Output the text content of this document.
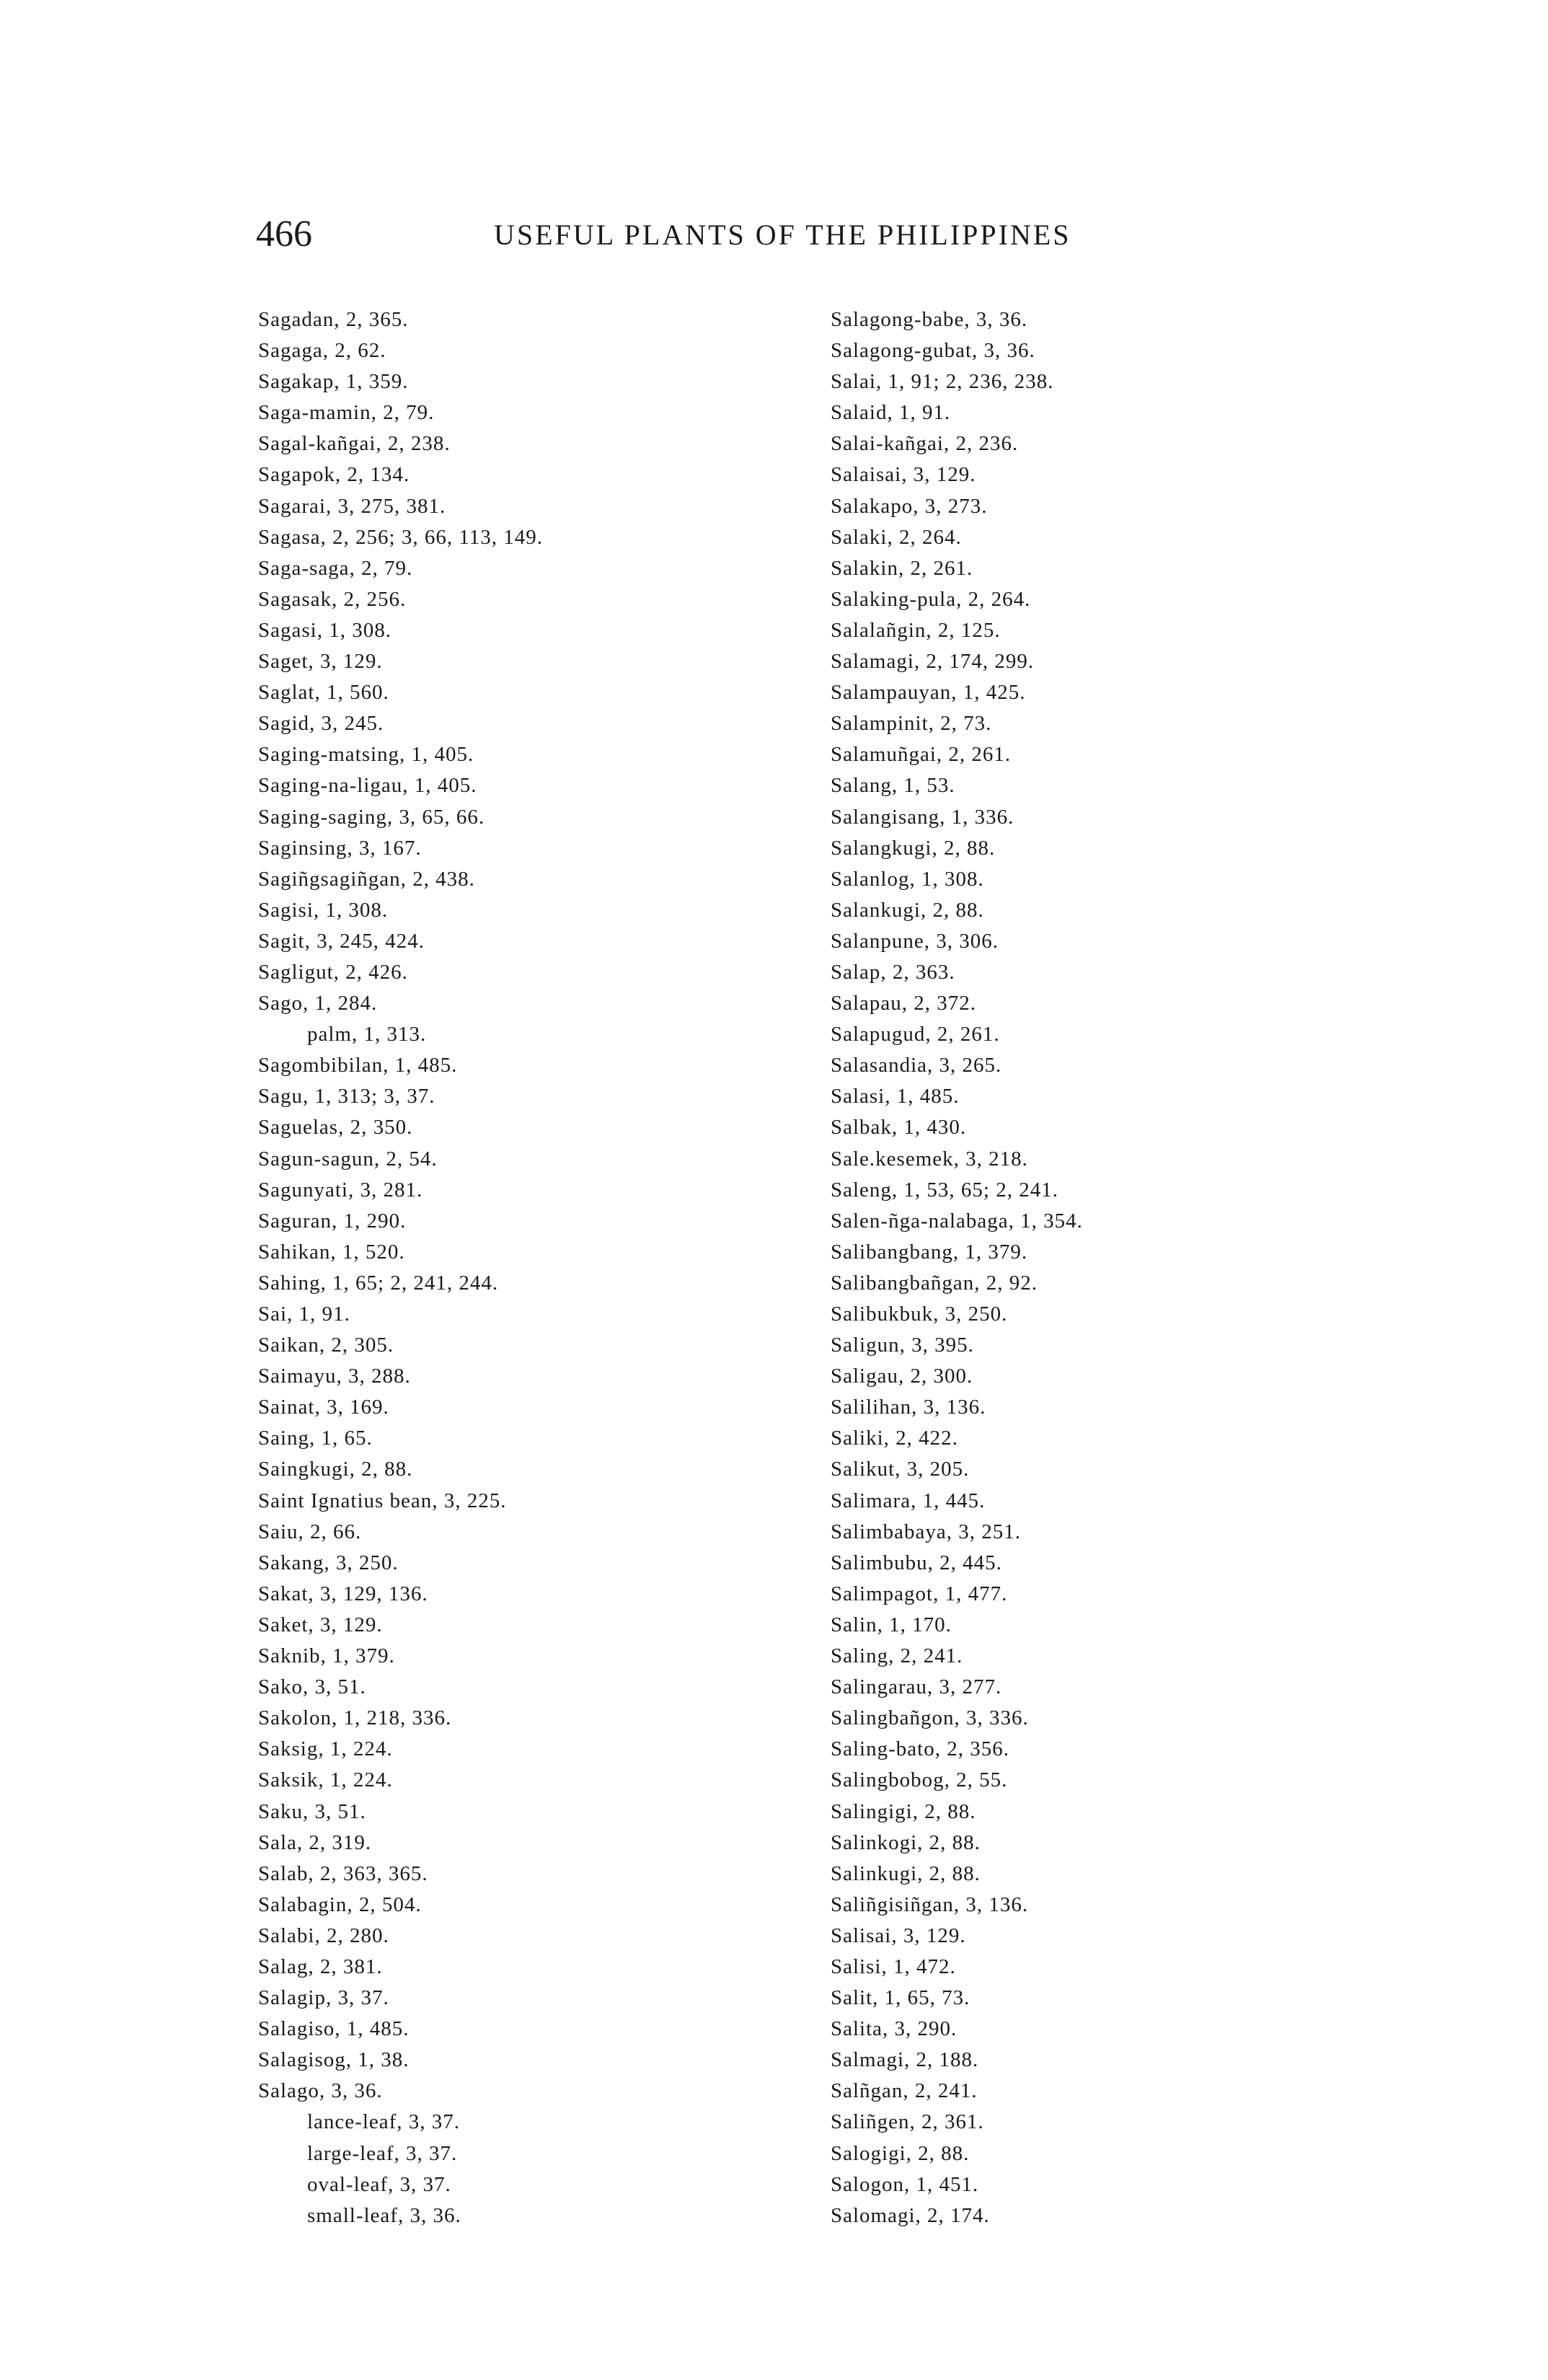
466	USEFUL PLANTS OF THE PHILIPPINES
Sagadan, 2, 365.
Sagaga, 2, 62.
Sagakap, 1, 359.
Saga-mamin, 2, 79.
Sagal-kañgai, 2, 238.
Sagapok, 2, 134.
Sagarai, 3, 275, 381.
Sagasa, 2, 256; 3, 66, 113, 149.
Saga-saga, 2, 79.
Sagasak, 2, 256.
Sagasi, 1, 308.
Saget, 3, 129.
Saglat, 1, 560.
Sagid, 3, 245.
Saging-matsing, 1, 405.
Saging-na-ligau, 1, 405.
Saging-saging, 3, 65, 66.
Saginsing, 3, 167.
Sagiñgsagiñgan, 2, 438.
Sagisi, 1, 308.
Sagit, 3, 245, 424.
Sagligut, 2, 426.
Sago, 1, 284.
palm, 1, 313.
Sagombibilan, 1, 485.
Sagu, 1, 313; 3, 37.
Saguelas, 2, 350.
Sagun-sagun, 2, 54.
Sagunyati, 3, 281.
Saguran, 1, 290.
Sahikan, 1, 520.
Sahing, 1, 65; 2, 241, 244.
Sai, 1, 91.
Saikan, 2, 305.
Saimayu, 3, 288.
Sainat, 3, 169.
Saing, 1, 65.
Saingkugi, 2, 88.
Saint Ignatius bean, 3, 225.
Saiu, 2, 66.
Sakang, 3, 250.
Sakat, 3, 129, 136.
Saket, 3, 129.
Saknib, 1, 379.
Sako, 3, 51.
Sakolon, 1, 218, 336.
Saksig, 1, 224.
Saksik, 1, 224.
Saku, 3, 51.
Sala, 2, 319.
Salab, 2, 363, 365.
Salabagin, 2, 504.
Salabi, 2, 280.
Salag, 2, 381.
Salagip, 3, 37.
Salagiso, 1, 485.
Salagisog, 1, 38.
Salago, 3, 36.
lance-leaf, 3, 37.
large-leaf, 3, 37.
oval-leaf, 3, 37.
small-leaf, 3, 36.
Salagong-babe, 3, 36.
Salagong-gubat, 3, 36.
Salai, 1, 91; 2, 236, 238.
Salaid, 1, 91.
Salai-kañgai, 2, 236.
Salaisai, 3, 129.
Salakapo, 3, 273.
Salaki, 2, 264.
Salakin, 2, 261.
Salaking-pula, 2, 264.
Salalañgin, 2, 125.
Salamagi, 2, 174, 299.
Salampauyan, 1, 425.
Salampinit, 2, 73.
Salamuñgai, 2, 261.
Salang, 1, 53.
Salangisang, 1, 336.
Salangkugi, 2, 88.
Salanlog, 1, 308.
Salankugi, 2, 88.
Salanpune, 3, 306.
Salap, 2, 363.
Salapau, 2, 372.
Salapugud, 2, 261.
Salasandia, 3, 265.
Salasi, 1, 485.
Salbak, 1, 430.
Sale.kesemek, 3, 218.
Saleng, 1, 53, 65; 2, 241.
Salen-ñga-nalabaga, 1, 354.
Salibangbang, 1, 379.
Salibangbañgan, 2, 92.
Salibukbuk, 3, 250.
Saligun, 3, 395.
Saligau, 2, 300.
Salilihan, 3, 136.
Saliki, 2, 422.
Salikut, 3, 205.
Salimara, 1, 445.
Salimbabaya, 3, 251.
Salimbubu, 2, 445.
Salimpagot, 1, 477.
Salin, 1, 170.
Saling, 2, 241.
Salingarau, 3, 277.
Salingbañgon, 3, 336.
Saling-bato, 2, 356.
Salingbobog, 2, 55.
Salingigi, 2, 88.
Salinkogi, 2, 88.
Salinkugi, 2, 88.
Saliñgisiñgan, 3, 136.
Salisai, 3, 129.
Salisi, 1, 472.
Salit, 1, 65, 73.
Salita, 3, 290.
Salmagi, 2, 188.
Salñgan, 2, 241.
Saliñgen, 2, 361.
Salogigi, 2, 88.
Salogon, 1, 451.
Salomagi, 2, 174.
